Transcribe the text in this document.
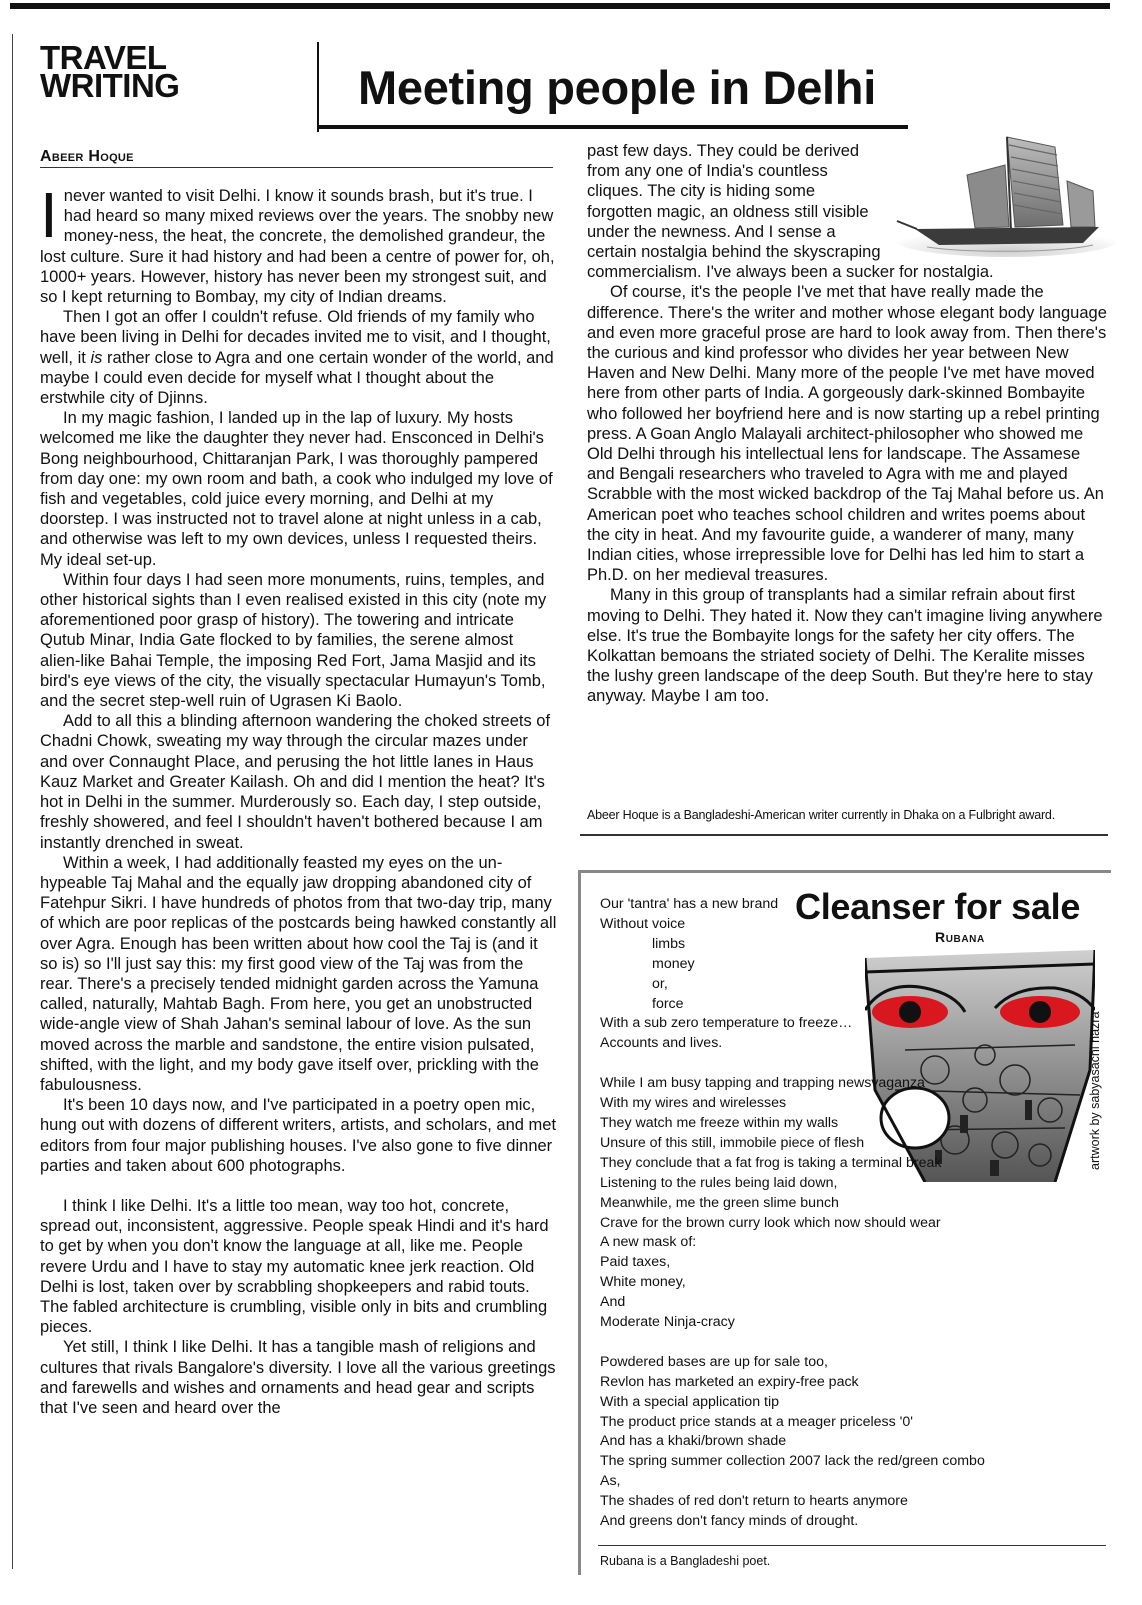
TRAVEL
WRITING	Meeting people in Delhi
Abeer Hoque

Inever wanted to visit Delhi. I know it sounds brash, but it's true. I had heard so many mixed reviews over the years. The snobby new money-ness, the heat, the concrete, the demolished grandeur, the lost culture. Sure it had history and had been a centre of power for, oh, 1000+ years. However, history has never been my strongest suit, and so I kept returning to Bombay, my city of Indian dreams.

Then I got an offer I couldn't refuse. Old friends of my family who have been living in Delhi for decades invited me to visit, and I thought, well, it is rather close to Agra and one certain wonder of the world, and maybe I could even decide for myself what I thought about the erstwhile city of Djinns.

In my magic fashion, I landed up in the lap of luxury. My hosts welcomed me like the daughter they never had. Ensconced in Delhi's Bong neighbourhood, Chittaranjan Park, I was thoroughly pampered from day one: my own room and bath, a cook who indulged my love of fish and vegetables, cold juice every morning, and Delhi at my doorstep. I was instructed not to travel alone at night unless in a cab, and otherwise was left to my own devices, unless I requested theirs. My ideal set-up.

Within four days I had seen more monuments, ruins, temples, and other historical sights than I even realised existed in this city (note my aforementioned poor grasp of history). The towering and intricate Qutub Minar, India Gate flocked to by families, the serene almost alien-like Bahai Temple, the imposing Red Fort, Jama Masjid and its bird's eye views of the city, the visually spectacular Humayun's Tomb, and the secret step-well ruin of Ugrasen Ki Baolo.

Add to all this a blinding afternoon wandering the choked streets of Chadni Chowk, sweating my way through the circular mazes under and over Connaught Place, and perusing the hot little lanes in Haus Kauz Market and Greater Kailash. Oh and did I mention the heat? It's hot in Delhi in the summer. Murderously so. Each day, I step outside, freshly showered, and feel I shouldn't haven't bothered because I am instantly drenched in sweat.

Within a week, I had additionally feasted my eyes on the un-hypeable Taj Mahal and the equally jaw dropping abandoned city of Fatehpur Sikri. I have hundreds of photos from that two-day trip, many of which are poor replicas of the postcards being hawked constantly all over Agra. Enough has been written about how cool the Taj is (and it so is) so I'll just say this: my first good view of the Taj was from the rear. There's a precisely tended midnight garden across the Yamuna called, naturally, Mahtab Bagh. From here, you get an unobstructed wide-angle view of Shah Jahan's seminal labour of love. As the sun moved across the marble and sandstone, the entire vision pulsated, shifted, with the light, and my body gave itself over, prickling with the fabulousness.

It's been 10 days now, and I've participated in a poetry open mic, hung out with dozens of different writers, artists, and scholars, and met editors from four major publishing houses. I've also gone to five dinner parties and taken about 600 photographs.

I think I like Delhi. It's a little too mean, way too hot, concrete, spread out, inconsistent, aggressive. People speak Hindi and it's hard to get by when you don't know the language at all, like me. People revere Urdu and I have to stay my automatic knee jerk reaction. Old Delhi is lost, taken over by scrabbling shopkeepers and rabid touts. The fabled architecture is crumbling, visible only in bits and crumbling pieces.

Yet still, I think I like Delhi. It has a tangible mash of religions and cultures that rivals Bangalore's diversity. I love all the various greetings and farewells and wishes and ornaments and head gear and scripts that I've seen and heard over the

past few days. They could be derived from any one of India's countless cliques. The city is hiding some forgotten magic, an oldness still visible under the newness. And I sense a certain nostalgia behind the skyscraping commercialism. I've always been a sucker for nostalgia.

Of course, it's the people I've met that have really made the difference. There's the writer and mother whose elegant body language and even more graceful prose are hard to look away from. Then there's the curious and kind professor who divides her year between New Haven and New Delhi. Many more of the people I've met have moved here from other parts of India. A gorgeously dark-skinned Bombayite who followed her boyfriend here and is now starting up a rebel printing press. A Goan Anglo Malayali architect-philosopher who showed me Old Delhi through his intellectual lens for landscape. The Assamese and Bengali researchers who traveled to Agra with me and played Scrabble with the most wicked backdrop of the Taj Mahal before us. An American poet who teaches school children and writes poems about the city in heat. And my favourite guide, a wanderer of many, many Indian cities, whose irrepressible love for Delhi has led him to start a Ph.D. on her medieval treasures.

Many in this group of transplants had a similar refrain about first moving to Delhi. They hated it. Now they can't imagine living anywhere else. It's true the Bombayite longs for the safety her city offers. The Kolkattan bemoans the striated society of Delhi. The Keralite misses the lushy green landscape of the deep South. But they're here to stay anyway. Maybe I am too.

Abeer Hoque is a Bangladeshi-American writer currently in Dhaka on a Fulbright award.
Cleanser for sale
Rubana
artwork by sabyasachi hazra
Our 'tantra' has a new brand
Without voice
limbs
money
or,
force
With a sub zero temperature to freeze…
Accounts and lives.

While I am busy tapping and trapping newsvaganza
With my wires and wirelesses
They watch me freeze within my walls
Unsure of this still, immobile piece of flesh
They conclude that a fat frog is taking a terminal break
Listening to the rules being laid down,
Meanwhile, me the green slime bunch
Crave for the brown curry look which now should wear
A new mask of:
Paid taxes,
White money,
And
Moderate Ninja-cracy

Powdered bases are up for sale too,
Revlon has marketed an expiry-free pack
With a special application tip
The product price stands at a meager priceless '0'
And has a khaki/brown shade
The spring summer collection 2007 lack the red/green combo
As,
The shades of red don't return to hearts anymore
And greens don't fancy minds of drought.
Rubana is a Bangladeshi poet.
